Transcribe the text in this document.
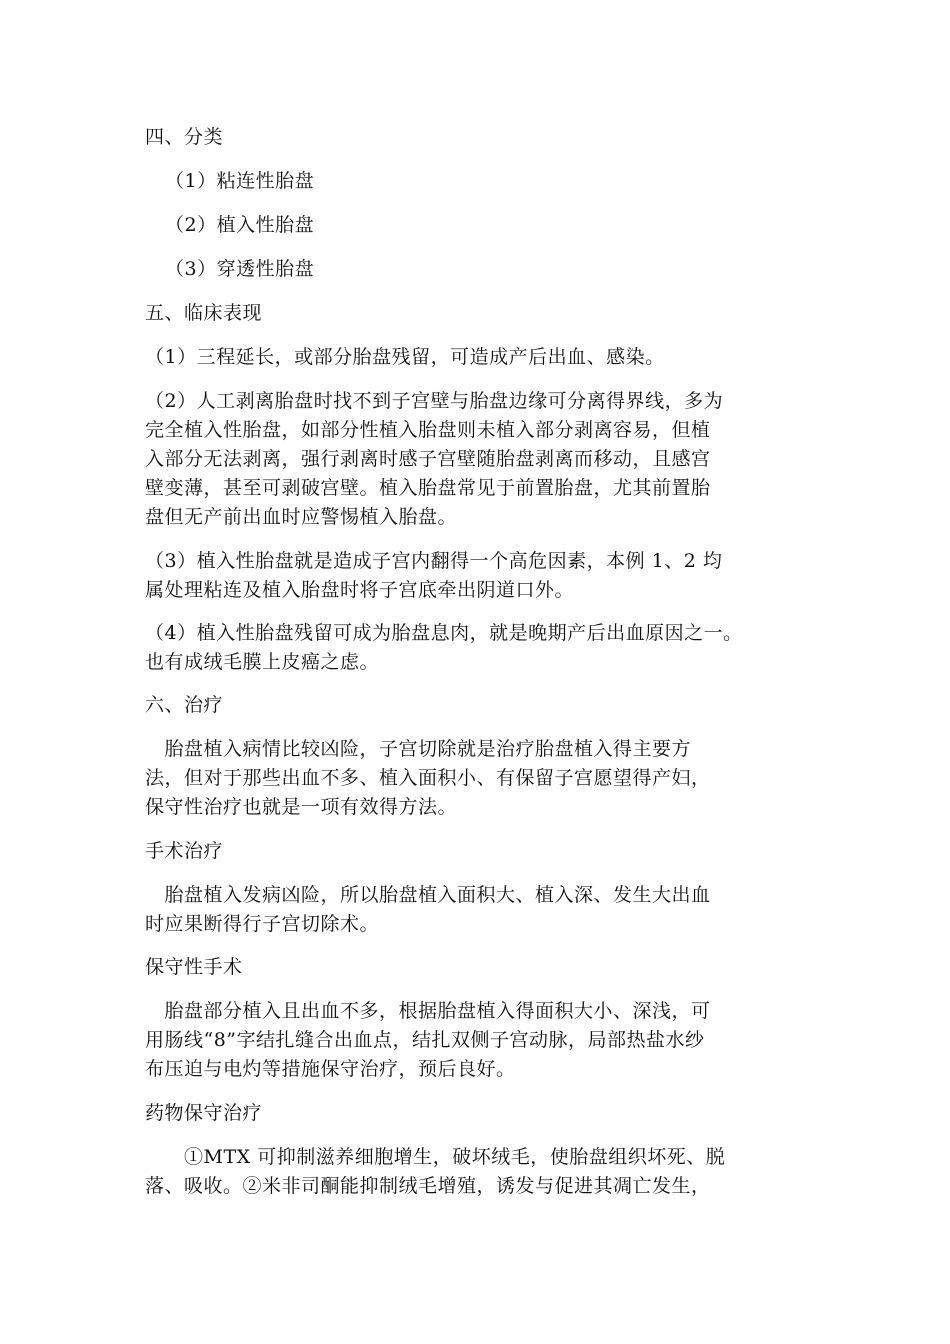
四、分类
（1）粘连性胎盘
（2）植入性胎盘
（3）穿透性胎盘
五、临床表现
（1）三程延长，或部分胎盘残留，可造成产后出血、感染。
（2）人工剥离胎盘时找不到子宫壁与胎盘边缘可分离得界线，多为
完全植入性胎盘，如部分性植入胎盘则未植入部分剥离容易，但植
入部分无法剥离，强行剥离时感子宫壁随胎盘剥离而移动，且感宫
壁变薄，甚至可剥破宫壁。植入胎盘常见于前置胎盘，尤其前置胎
盘但无产前出血时应警惕植入胎盘。
（3）植入性胎盘就是造成子宫内翻得一个高危因素，本例 1、2 均
属处理粘连及植入胎盘时将子宫底牵出阴道口外。
（4）植入性胎盘残留可成为胎盘息肉，就是晚期产后出血原因之一。
也有成绒毛膜上皮癌之虑。
六、治疗
　胎盘植入病情比较凶险，子宫切除就是治疗胎盘植入得主要方
法，但对于那些出血不多、植入面积小、有保留子宫愿望得产妇，
保守性治疗也就是一项有效得方法。
手术治疗
　胎盘植入发病凶险，所以胎盘植入面积大、植入深、发生大出血
时应果断得行子宫切除术。
保守性手术
　胎盘部分植入且出血不多，根据胎盘植入得面积大小、深浅，可
用肠线“8”字结扎缝合出血点，结扎双侧子宫动脉，局部热盐水纱
布压迫与电灼等措施保守治疗，预后良好。
药物保守治疗
　　①MTX 可抑制滋养细胞增生，破坏绒毛，使胎盘组织坏死、脱
落、吸收。②米非司酮能抑制绒毛增殖，诱发与促进其凋亡发生，
